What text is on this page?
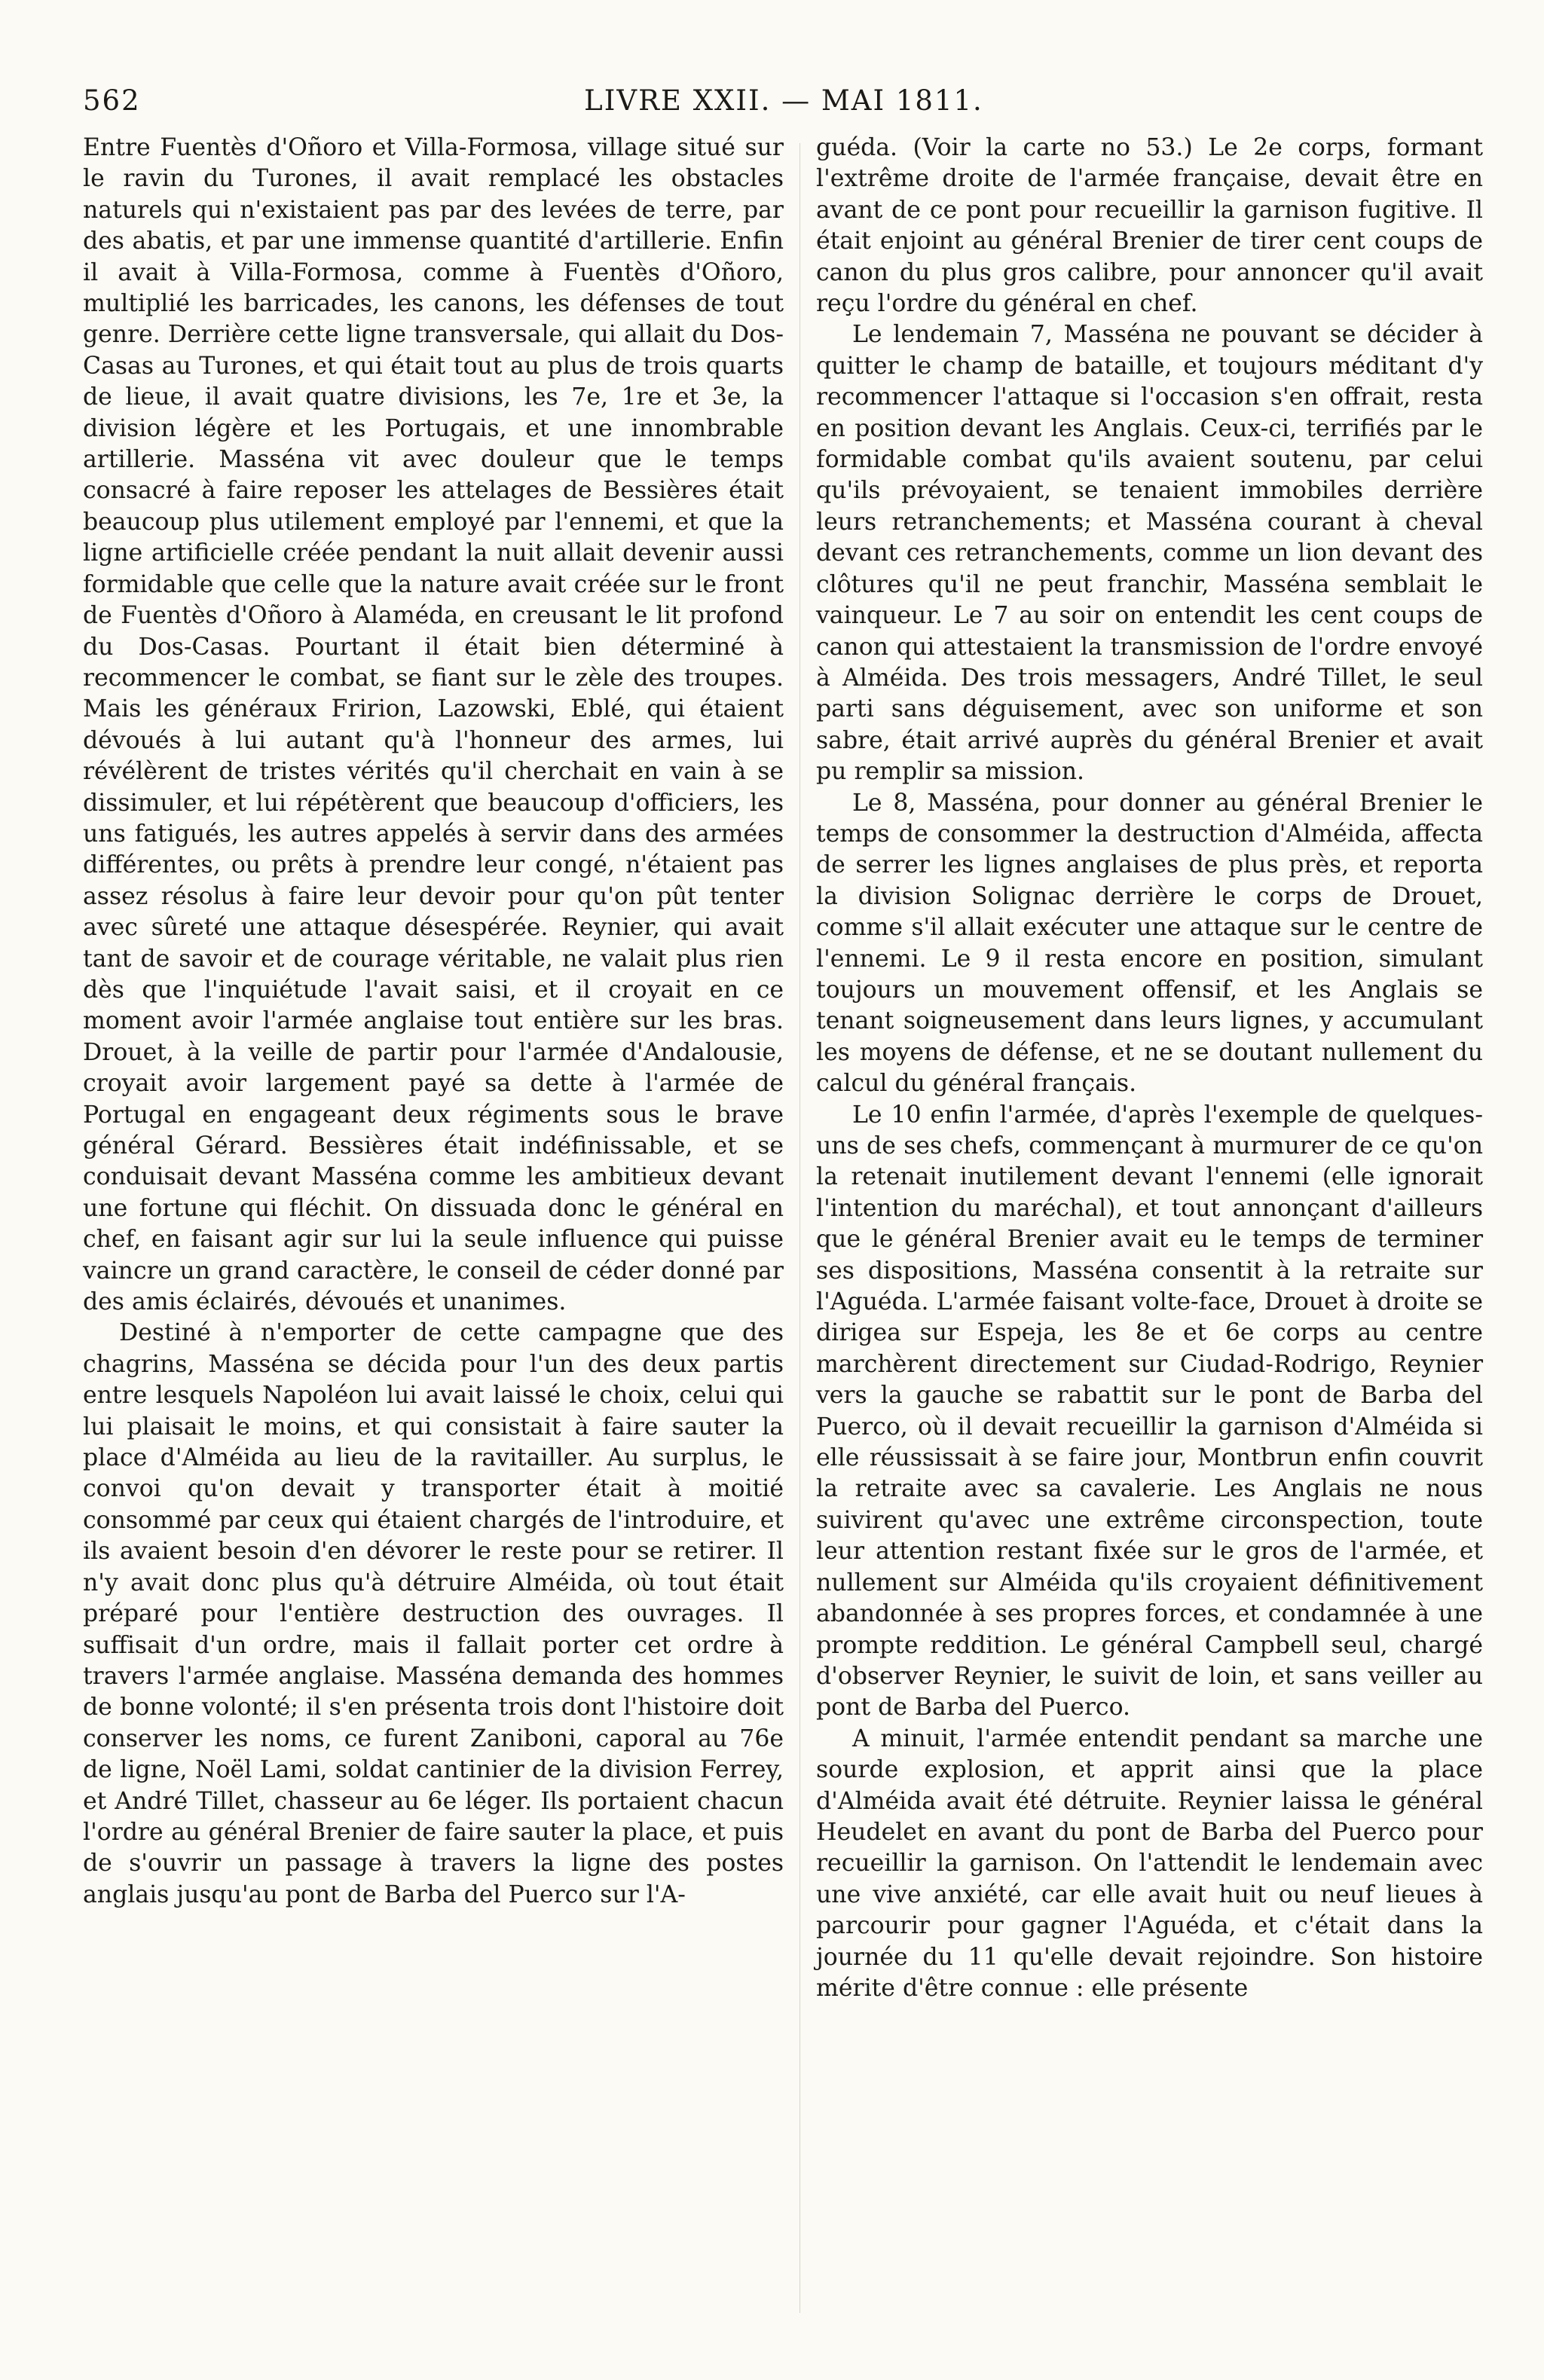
562	LIVRE XXII. — MAI 1811.

Entre Fuentès d'Oñoro et Villa-Formosa, village situé sur le ravin du Turones, il avait remplacé les obstacles naturels qui n'existaient pas par des levées de terre, par des abatis, et par une immense quantité d'artillerie. Enfin il avait à Villa-Formosa, comme à Fuentès d'Oñoro, multiplié les barricades, les canons, les défenses de tout genre. Derrière cette ligne transversale, qui allait du Dos-Casas au Turones, et qui était tout au plus de trois quarts de lieue, il avait quatre divisions, les 7e, 1re et 3e, la division légère et les Portugais, et une innombrable artillerie. Masséna vit avec douleur que le temps consacré à faire reposer les attelages de Bessières était beaucoup plus utilement employé par l'ennemi, et que la ligne artificielle créée pendant la nuit allait devenir aussi formidable que celle que la nature avait créée sur le front de Fuentès d'Oñoro à Alaméda, en creusant le lit profond du Dos-Casas. Pourtant il était bien déterminé à recommencer le combat, se fiant sur le zèle des troupes. Mais les généraux Fririon, Lazowski, Eblé, qui étaient dévoués à lui autant qu'à l'honneur des armes, lui révélèrent de tristes vérités qu'il cherchait en vain à se dissimuler, et lui répétèrent que beaucoup d'officiers, les uns fatigués, les autres appelés à servir dans des armées différentes, ou prêts à prendre leur congé, n'étaient pas assez résolus à faire leur devoir pour qu'on pût tenter avec sûreté une attaque désespérée. Reynier, qui avait tant de savoir et de courage véritable, ne valait plus rien dès que l'inquiétude l'avait saisi, et il croyait en ce moment avoir l'armée anglaise tout entière sur les bras. Drouet, à la veille de partir pour l'armée d'Andalousie, croyait avoir largement payé sa dette à l'armée de Portugal en engageant deux régiments sous le brave général Gérard. Bessières était indéfinissable, et se conduisait devant Masséna comme les ambitieux devant une fortune qui fléchit. On dissuada donc le général en chef, en faisant agir sur lui la seule influence qui puisse vaincre un grand caractère, le conseil de céder donné par des amis éclairés, dévoués et unanimes.

Destiné à n'emporter de cette campagne que des chagrins, Masséna se décida pour l'un des deux partis entre lesquels Napoléon lui avait laissé le choix, celui qui lui plaisait le moins, et qui consistait à faire sauter la place d'Alméida au lieu de la ravitailler. Au surplus, le convoi qu'on devait y transporter était à moitié consommé par ceux qui étaient chargés de l'introduire, et ils avaient besoin d'en dévorer le reste pour se retirer. Il n'y avait donc plus qu'à détruire Alméida, où tout était préparé pour l'entière destruction des ouvrages. Il suffisait d'un ordre, mais il fallait porter cet ordre à travers l'armée anglaise. Masséna demanda des hommes de bonne volonté; il s'en présenta trois dont l'histoire doit conserver les noms, ce furent Zaniboni, caporal au 76e de ligne, Noël Lami, soldat cantinier de la division Ferrey, et André Tillet, chasseur au 6e léger. Ils portaient chacun l'ordre au général Brenier de faire sauter la place, et puis de s'ouvrir un passage à travers la ligne des postes anglais jusqu'au pont de Barba del Puerco sur l'A-

guéda. (Voir la carte no 53.) Le 2e corps, formant l'extrême droite de l'armée française, devait être en avant de ce pont pour recueillir la garnison fugitive. Il était enjoint au général Brenier de tirer cent coups de canon du plus gros calibre, pour annoncer qu'il avait reçu l'ordre du général en chef.

Le lendemain 7, Masséna ne pouvant se décider à quitter le champ de bataille, et toujours méditant d'y recommencer l'attaque si l'occasion s'en offrait, resta en position devant les Anglais. Ceux-ci, terrifiés par le formidable combat qu'ils avaient soutenu, par celui qu'ils prévoyaient, se tenaient immobiles derrière leurs retranchements; et Masséna courant à cheval devant ces retranchements, comme un lion devant des clôtures qu'il ne peut franchir, Masséna semblait le vainqueur. Le 7 au soir on entendit les cent coups de canon qui attestaient la transmission de l'ordre envoyé à Alméida. Des trois messagers, André Tillet, le seul parti sans déguisement, avec son uniforme et son sabre, était arrivé auprès du général Brenier et avait pu remplir sa mission.

Le 8, Masséna, pour donner au général Brenier le temps de consommer la destruction d'Alméida, affecta de serrer les lignes anglaises de plus près, et reporta la division Solignac derrière le corps de Drouet, comme s'il allait exécuter une attaque sur le centre de l'ennemi. Le 9 il resta encore en position, simulant toujours un mouvement offensif, et les Anglais se tenant soigneusement dans leurs lignes, y accumulant les moyens de défense, et ne se doutant nullement du calcul du général français.

Le 10 enfin l'armée, d'après l'exemple de quelques-uns de ses chefs, commençant à murmurer de ce qu'on la retenait inutilement devant l'ennemi (elle ignorait l'intention du maréchal), et tout annonçant d'ailleurs que le général Brenier avait eu le temps de terminer ses dispositions, Masséna consentit à la retraite sur l'Aguéda. L'armée faisant volte-face, Drouet à droite se dirigea sur Espeja, les 8e et 6e corps au centre marchèrent directement sur Ciudad-Rodrigo, Reynier vers la gauche se rabattit sur le pont de Barba del Puerco, où il devait recueillir la garnison d'Alméida si elle réussissait à se faire jour, Montbrun enfin couvrit la retraite avec sa cavalerie. Les Anglais ne nous suivirent qu'avec une extrême circonspection, toute leur attention restant fixée sur le gros de l'armée, et nullement sur Alméida qu'ils croyaient définitivement abandonnée à ses propres forces, et condamnée à une prompte reddition. Le général Campbell seul, chargé d'observer Reynier, le suivit de loin, et sans veiller au pont de Barba del Puerco.

A minuit, l'armée entendit pendant sa marche une sourde explosion, et apprit ainsi que la place d'Alméida avait été détruite. Reynier laissa le général Heudelet en avant du pont de Barba del Puerco pour recueillir la garnison. On l'attendit le lendemain avec une vive anxiété, car elle avait huit ou neuf lieues à parcourir pour gagner l'Aguéda, et c'était dans la journée du 11 qu'elle devait rejoindre. Son histoire mérite d'être connue : elle présente
